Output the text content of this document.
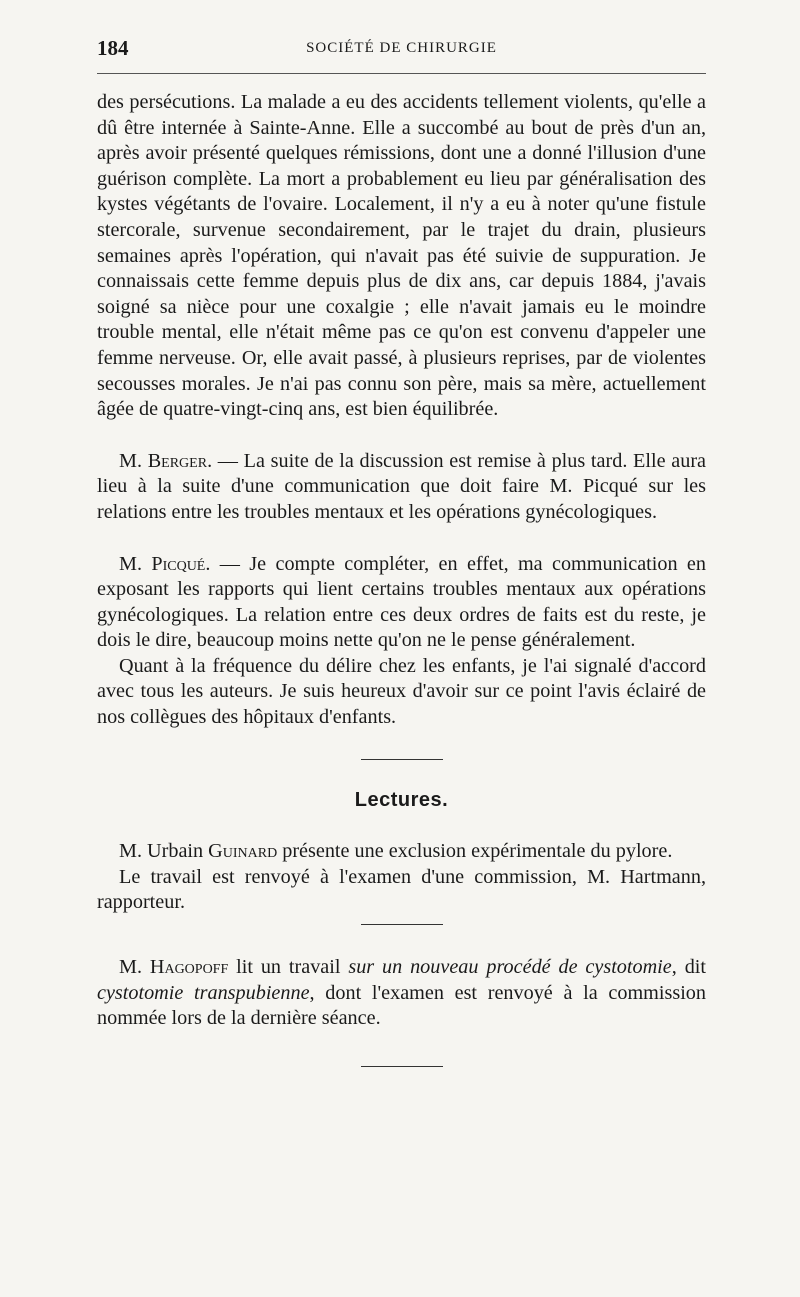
184	SOCIÉTÉ DE CHIRURGIE

des persécutions. La malade a eu des accidents tellement violents, qu'elle a dû être internée à Sainte-Anne. Elle a succombé au bout de près d'un an, après avoir présenté quelques rémissions, dont une a donné l'illusion d'une guérison complète. La mort a probablement eu lieu par généralisation des kystes végétants de l'ovaire. Localement, il n'y a eu à noter qu'une fistule stercorale, survenue secondairement, par le trajet du drain, plusieurs semaines après l'opération, qui n'avait pas été suivie de suppuration. Je connaissais cette femme depuis plus de dix ans, car depuis 1884, j'avais soigné sa nièce pour une coxalgie ; elle n'avait jamais eu le moindre trouble mental, elle n'était même pas ce qu'on est convenu d'appeler une femme nerveuse. Or, elle avait passé, à plusieurs reprises, par de violentes secousses morales. Je n'ai pas connu son père, mais sa mère, actuellement âgée de quatre-vingt-cinq ans, est bien équilibrée.

M. Berger. — La suite de la discussion est remise à plus tard. Elle aura lieu à la suite d'une communication que doit faire M. Picqué sur les relations entre les troubles mentaux et les opérations gynécologiques.

M. Picqué. — Je compte compléter, en effet, ma communication en exposant les rapports qui lient certains troubles mentaux aux opérations gynécologiques. La relation entre ces deux ordres de faits est du reste, je dois le dire, beaucoup moins nette qu'on ne le pense généralement.

Quant à la fréquence du délire chez les enfants, je l'ai signalé d'accord avec tous les auteurs. Je suis heureux d'avoir sur ce point l'avis éclairé de nos collègues des hôpitaux d'enfants.

Lectures.

M. Urbain Guinard présente une exclusion expérimentale du pylore.

Le travail est renvoyé à l'examen d'une commission, M. Hartmann, rapporteur.

M. Hagopoff lit un travail sur un nouveau procédé de cystotomie, dit cystotomie transpubienne, dont l'examen est renvoyé à la commission nommée lors de la dernière séance.
